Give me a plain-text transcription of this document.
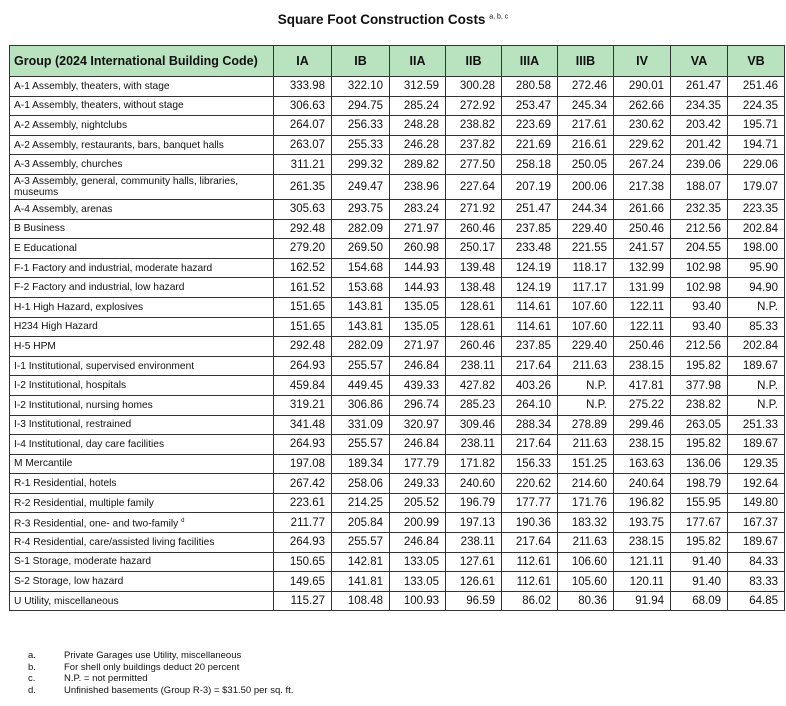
Square Foot Construction Costs $^{a, b, c}$
Group (2024 International Building Code)	IA	IB	IIA	IIB	IIIA	IIIB	IV	VA	VB
A-1 Assembly, theaters, with stage	333.98	322.10	312.59	300.28	280.58	272.46	290.01	261.47	251.46
A-1 Assembly, theaters, without stage	306.63	294.75	285.24	272.92	253.47	245.34	262.66	234.35	224.35
A-2 Assembly, nightclubs	264.07	256.33	248.28	238.82	223.69	217.61	230.62	203.42	195.71
A-2 Assembly, restaurants, bars, banquet halls	263.07	255.33	246.28	237.82	221.69	216.61	229.62	201.42	194.71
A-3 Assembly, churches	311.21	299.32	289.82	277.50	258.18	250.05	267.24	239.06	229.06
A-3 Assembly, general, community halls, libraries, museums	261.35	249.47	238.96	227.64	207.19	200.06	217.38	188.07	179.07
A-4 Assembly, arenas	305.63	293.75	283.24	271.92	251.47	244.34	261.66	232.35	223.35
B Business	292.48	282.09	271.97	260.46	237.85	229.40	250.46	212.56	202.84
E Educational	279.20	269.50	260.98	250.17	233.48	221.55	241.57	204.55	198.00
F-1 Factory and industrial, moderate hazard	162.52	154.68	144.93	139.48	124.19	118.17	132.99	102.98	95.90
F-2 Factory and industrial, low hazard	161.52	153.68	144.93	138.48	124.19	117.17	131.99	102.98	94.90
H-1 High Hazard, explosives	151.65	143.81	135.05	128.61	114.61	107.60	122.11	93.40	N.P.
H234 High Hazard	151.65	143.81	135.05	128.61	114.61	107.60	122.11	93.40	85.33
H-5 HPM	292.48	282.09	271.97	260.46	237.85	229.40	250.46	212.56	202.84
I-1 Institutional, supervised environment	264.93	255.57	246.84	238.11	217.64	211.63	238.15	195.82	189.67
I-2 Institutional, hospitals	459.84	449.45	439.33	427.82	403.26	N.P.	417.81	377.98	N.P.
I-2 Institutional, nursing homes	319.21	306.86	296.74	285.23	264.10	N.P.	275.22	238.82	N.P.
I-3 Institutional, restrained	341.48	331.09	320.97	309.46	288.34	278.89	299.46	263.05	251.33
I-4 Institutional, day care facilities	264.93	255.57	246.84	238.11	217.64	211.63	238.15	195.82	189.67
M Mercantile	197.08	189.34	177.79	171.82	156.33	151.25	163.63	136.06	129.35
R-1 Residential, hotels	267.42	258.06	249.33	240.60	220.62	214.60	240.64	198.79	192.64
R-2 Residential, multiple family	223.61	214.25	205.52	196.79	177.77	171.76	196.82	155.95	149.80
R-3 Residential, one- and two-family $^d$	211.77	205.84	200.99	197.13	190.36	183.32	193.75	177.67	167.37
R-4 Residential, care/assisted living facilities	264.93	255.57	246.84	238.11	217.64	211.63	238.15	195.82	189.67
S-1 Storage, moderate hazard	150.65	142.81	133.05	127.61	112.61	106.60	121.11	91.40	84.33
S-2 Storage, low hazard	149.65	141.81	133.05	126.61	112.61	105.60	120.11	91.40	83.33
U Utility, miscellaneous	115.27	108.48	100.93	96.59	86.02	80.36	91.94	68.09	64.85
a.	Private Garages use Utility, miscellaneous
b.	For shell only buildings deduct 20 percent
c.	N.P. = not permitted
d.	Unfinished basements (Group R-3) = $31.50 per sq. ft.
